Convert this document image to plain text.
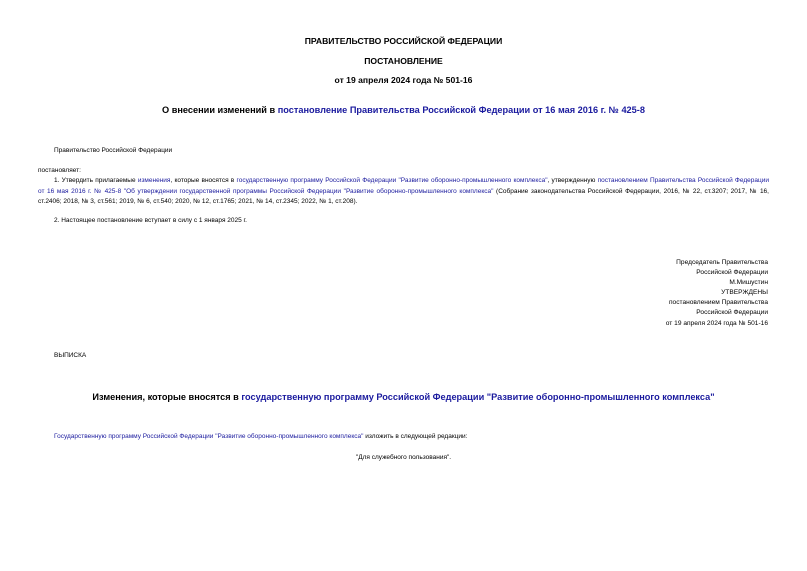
ПРАВИТЕЛЬСТВО РОССИЙСКОЙ ФЕДЕРАЦИИ
ПОСТАНОВЛЕНИЕ
от 19 апреля 2024 года № 501-16
О внесении изменений в постановление Правительства Российской Федерации от 16 мая 2016 г. № 425-8
Правительство Российской Федерации
постановляет:
1. Утвердить прилагаемые изменения, которые вносятся в государственную программу Российской Федерации "Развитие оборонно-промышленного комплекса", утвержденную постановлением Правительства Российской Федерации от 16 мая 2016 г. № 425-8 "Об утверждении государственной программы Российской Федерации "Развитие оборонно-промышленного комплекса" (Собрание законодательства Российской Федерации, 2016, № 22, ст.3207; 2017, № 16, ст.2406; 2018, № 3, ст.561; 2019, № 6, ст.540; 2020, № 12, ст.1765; 2021, № 14, ст.2345; 2022, № 1, ст.208).
2. Настоящее постановление вступает в силу с 1 января 2025 г.
Председатель Правительства
Российской Федерации
М.Мишустин
УТВЕРЖДЕНЫ
постановлением Правительства
Российской Федерации
от 19 апреля 2024 года № 501-16
ВЫПИСКА
Изменения, которые вносятся в государственную программу Российской Федерации "Развитие оборонно-промышленного комплекса"
Государственную программу Российской Федерации "Развитие оборонно-промышленного комплекса" изложить в следующей редакции:
"Для служебного пользования".
